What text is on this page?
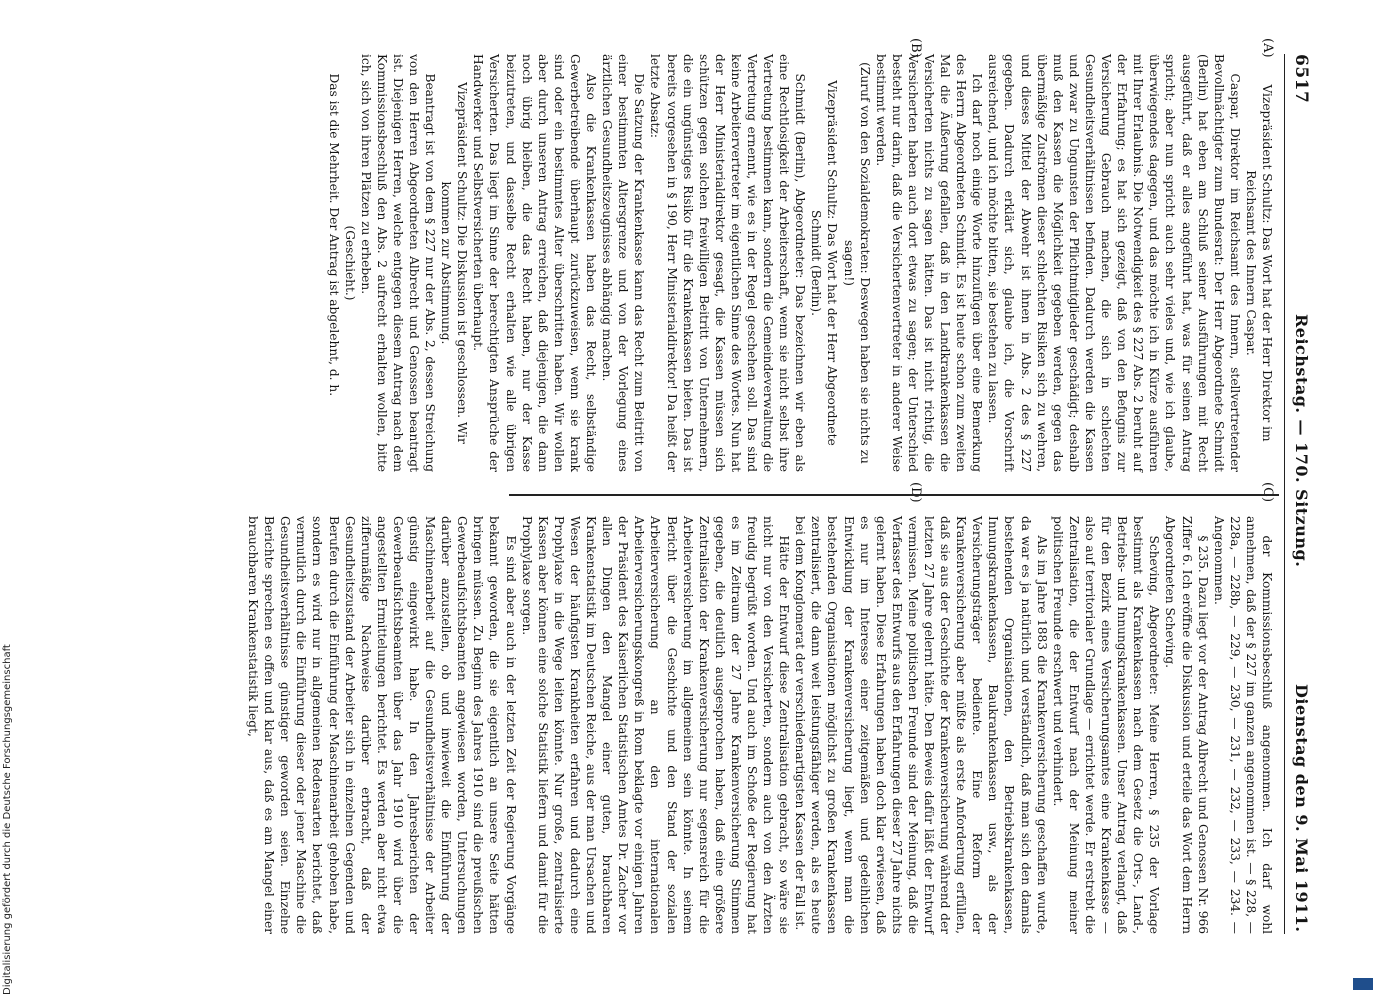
6517
Reichstag. — 170. Sitzung.
Dienstag den 9. Mai 1911.
(A)
(B)
(C)
(D)

Vizepräsident Schultz: Das Wort hat der Herr Direktor im Reichsamt des Innern Caspar.

Caspar, Direktor im Reichsamt des Innern, stellvertretender Bevollmächtigter zum Bundesrat: Der Herr Abgeordnete Schmidt (Berlin) hat eben am Schluß seiner Ausführungen mit Recht ausgeführt, daß er alles angeführt hat, was für seinen Antrag spricht; aber nun spricht auch sehr vieles und, wie ich glaube, überwiegendes dagegen, und das möchte ich in Kürze ausführen mit Ihrer Erlaubnis. Die Notwendigkeit des § 227 Abs. 2 beruht auf der Erfahrung; es hat sich gezeigt, daß von den Befugnis zur Versicherung Gebrauch machen, die sich in schlechten Gesundheitsverhältnissen befinden. Dadurch werden die Kassen und zwar zu Ungunsten der Pflichtmitglieder geschädigt; deshalb muß den Kassen die Möglichkeit gegeben werden, gegen das übermäßige Zuströmen dieser schlechten Risiken sich zu wehren, und dieses Mittel der Abwehr ist ihnen in Abs. 2 des § 227 gegeben. Dadurch erklärt sich, glaube ich, die Vorschrift ausreichend, und ich möchte bitten, sie bestehen zu lassen.

Ich darf noch einige Worte hinzufügen über eine Bemerkung des Herrn Abgeordneten Schmidt. Es ist heute schon zum zweiten Mal die Äußerung gefallen, daß in den Landkrankenkassen die Versicherten nichts zu sagen hätten. Das ist nicht richtig, die Versicherten haben auch dort etwas zu sagen; der Unterschied besteht nur darin, daß die Versichertenvertreter in anderer Weise bestimmt werden.

(Zuruf von den Sozialdemokraten: Deswegen haben sie nichts zu sagen!)

Vizepräsident Schultz: Das Wort hat der Herr Abgeordnete Schmidt (Berlin).

Schmidt (Berlin), Abgeordneter: Das bezeichnen wir eben als eine Rechtlosigkeit der Arbeiterschaft, wenn sie nicht selbst ihre Vertretung bestimmen kann, sondern die Gemeindeverwaltung die Vertretung ernennt, wie es in der Regel geschehen soll. Das sind keine Arbeitervertreter im eigentlichen Sinne des Wortes. Nun hat der Herr Ministerialdirektor gesagt, die Kassen müssen sich schützen gegen solchen freiwilligen Beitritt von Unternehmern, die ein ungünstiges Risiko für die Krankenkassen bieten. Das ist bereits vorgesehen in § 190, Herr Ministerialdirektor! Da heißt der letzte Absatz:

Die Satzung der Krankenkasse kann das Recht zum Beitritt von einer bestimmten Altersgrenze und von der Vorlegung eines ärztlichen Gesundheitszeugnisses abhängig machen.

Also die Krankenkassen haben das Recht, selbständige Gewerbetreibende überhaupt zurückzuweisen, wenn sie krank sind oder ein bestimmtes Alter überschritten haben. Wir wollen aber durch unseren Antrag erreichen, daß diejenigen, die dann noch übrig bleiben, die das Recht haben, nur der Kasse beizutreten, und dasselbe Recht erhalten wie alle übrigen Versicherten. Das liegt im Sinne der berechtigten Ansprüche der Handwerker und Selbstversicherten überhaupt.

Vizepräsident Schultz: Die Diskussion ist geschlossen. Wir kommen zur Abstimmung.

Beantragt ist von dem § 227 nur der Abs. 2, dessen Streichung von den Herren Abgeordneten Albrecht und Genossen beantragt ist. Diejenigen Herren, welche entgegen diesem Antrag nach dem Kommissionsbeschluß den Abs. 2 aufrecht erhalten wollen, bitte ich, sich von ihren Plätzen zu erheben.

(Geschieht.)

Das ist die Mehrheit. Der Antrag ist abgelehnt, d. h.

der Kommissionsbeschluß angenommen. Ich darf wohl annehmen, daß der § 227 im ganzen angenommen ist. — § 228, — 228a, — 228b, — 229, — 230, — 231, — 232, — 233, — 234. — Angenommen.

§ 235. Dazu liegt vor der Antrag Albrecht und Genossen Nr. 966 Ziffer 6. Ich eröffne die Diskussion und erteile das Wort dem Herrn Abgeordneten Scheving.

Scheving, Abgeordneter: Meine Herren, § 235 der Vorlage bestimmt als Krankenkassen nach dem Gesetz die Orts-, Land-, Betriebs- und Innungskrankenkassen. Unser Antrag verlangt, daß für den Bezirk eines Versicherungsamtes eine Krankenkasse — also auf territorialer Grundlage — errichtet werde. Er erstrebt die Zentralisation, die der Entwurf nach der Meinung meiner politischen Freunde erschwert und verhindert.

Als im Jahre 1883 die Krankenversicherung geschaffen wurde, da war es ja natürlich und verständlich, daß man sich den damals bestehenden Organisationen, den Betriebskrankenkassen, Innungskrankenkassen, Baukrankenkassen usw., als der Versicherungsträger bediente. Eine Reform der Krankenversicherung aber müßte als erste Anforderung erfüllen, daß sie aus der Geschichte der Krankenversicherung während der letzten 27 Jahre gelernt hätte. Den Beweis dafür läßt der Entwurf vermissen. Meine politischen Freunde sind der Meinung, daß die Verfasser des Entwurfs aus den Erfahrungen dieser 27 Jahre nichts gelernt haben. Diese Erfahrungen haben doch klar erwiesen, daß es nur im Interesse einer zeitgemäßen und gedeihlichen Entwicklung der Krankenversicherung liegt, wenn man die bestehenden Organisationen möglichst zu großen Krankenkassen zentralisiert, die dann weit leistungsfähiger werden, als es heute bei dem Konglomerat der verschiedenartigsten Kassen der Fall ist.

Hätte der Entwurf diese Zentralisation gebracht, so wäre sie nicht nur von den Versicherten, sondern auch von den Ärzten freudig begrüßt worden. Und auch im Schoße der Regierung hat es im Zeitraum der 27 Jahre Krankenversicherung Stimmen gegeben, die deutlich ausgesprochen haben, daß eine größere Zentralisation der Krankenversicherung nur segensreich für die Arbeiterversicherung im allgemeinen sein könnte. In seinem Bericht über die Geschichte und den Stand der sozialen Arbeiterversicherung an den internationalen Arbeiterversicherungskongreß in Rom beklagte vor einigen Jahren der Präsident des Kaiserlichen Statistischen Amtes Dr. Zacher vor allen Dingen den Mangel einer guten, brauchbaren Krankenstatistik im Deutschen Reiche, aus der man Ursachen und Wesen der häufigsten Krankheiten erfahren und dadurch eine Prophylaxe in die Wege leiten könnte. Nur große, zentralisierte Kassen aber können eine solche Statistik liefern und damit für die Prophylaxe sorgen.

Es sind aber auch in der letzten Zeit der Regierung Vorgänge bekannt geworden, die sie eigentlich an unsere Seite hätten bringen müssen. Zu Beginn des Jahres 1910 sind die preußischen Gewerbeaufsichtsbeamten angewiesen worden, Untersuchungen darüber anzustellen, ob und inwieweit die Einführung der Maschinenarbeit auf die Gesundheitsverhältnisse der Arbeiter günstig eingewirkt habe. In den Jahresberichten der Gewerbeaufsichtsbeamten über das Jahr 1910 wird über die angestellten Ermittelungen berichtet. Es werden aber nicht etwa zifferumäßige Nachweise darüber erbracht, daß der Gesundheitszustand der Arbeiter sich in einzelnen Gegenden und Berufen durch die Einführung der Maschinenarbeit gehoben habe, sondern es wird nur in allgemeinen Redensarten berichtet, daß vermutlich durch die Einführung dieser oder jener Maschine die Gesundheitsverhältnisse günstiger geworden seien. Einzelne Berichte sprechen es offen und klar aus, daß es am Mangel einer brauchbaren Krankenstatistik liegt,

Digitalisierung gefördert durch die Deutsche Forschungsgemeinschaft
